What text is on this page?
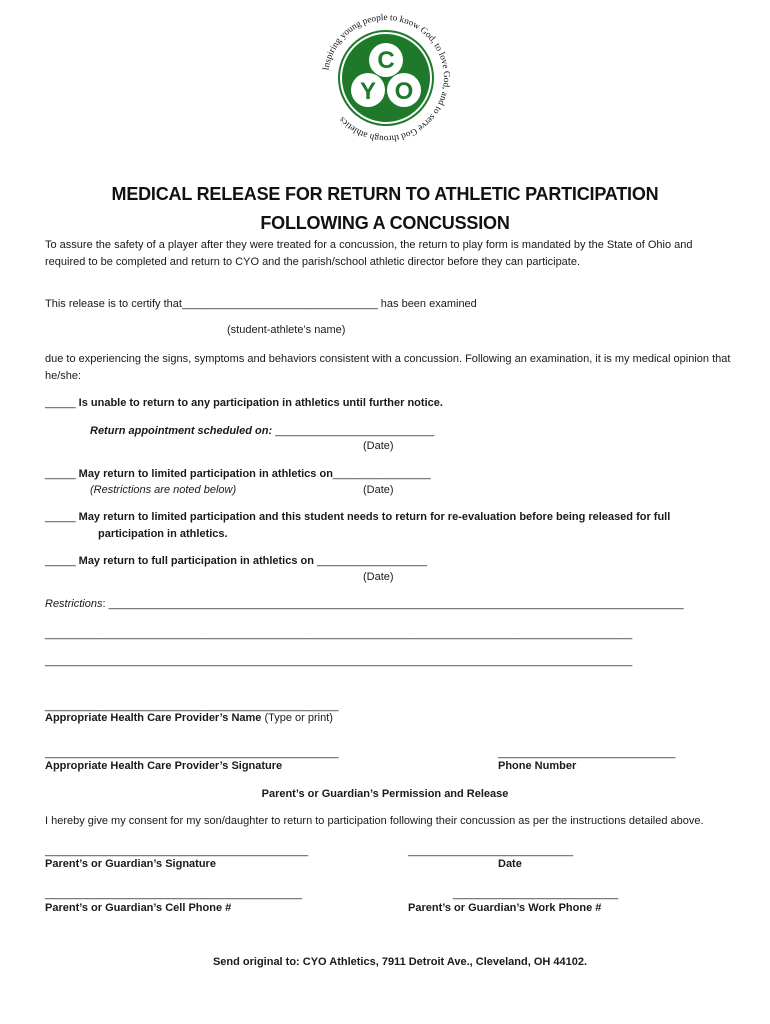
C
Y O
Inspiring young people to know God, to love God, and to serve God through athletics
MEDICAL RELEASE FOR RETURN TO ATHLETIC PARTICIPATION
FOLLOWING A CONCUSSION
To assure the safety of a player after they were treated for a concussion, the return to play form is mandated by the State of Ohio and required to be completed and return to CYO and the parish/school athletic director before they can participate.
This release is to certify that________________________________ has been examined
(student-athlete’s name)
due to experiencing the signs, symptoms and behaviors consistent with a concussion. Following an examination, it is my medical opinion that he/she:
_____ Is unable to return to any participation in athletics until further notice.
Return appointment scheduled on: __________________________
(Date)
_____ May return to limited participation in athletics on________________
(Restrictions are noted below)	(Date)
_____ May return to limited participation and this student needs to return for re-evaluation before being released for full
participation in athletics.
_____ May return to full participation in athletics on __________________
(Date)
Restrictions: ______________________________________________________________________________________________
________________________________________________________________________________________________
________________________________________________________________________________________________
________________________________________________
Appropriate Health Care Provider’s Name (Type or print)
________________________________________________
Appropriate Health Care Provider’s Signature
_____________________________
Phone Number
Parent’s or Guardian’s Permission and Release
I hereby give my consent for my son/daughter to return to participation following their concussion as per the instructions detailed above.
___________________________________________
Parent’s or Guardian’s Signature
___________________________
Date
__________________________________________
Parent’s or Guardian’s Cell Phone #
___________________________
Parent’s or Guardian’s Work Phone #
Send original to: CYO Athletics, 7911 Detroit Ave., Cleveland, OH 44102.
